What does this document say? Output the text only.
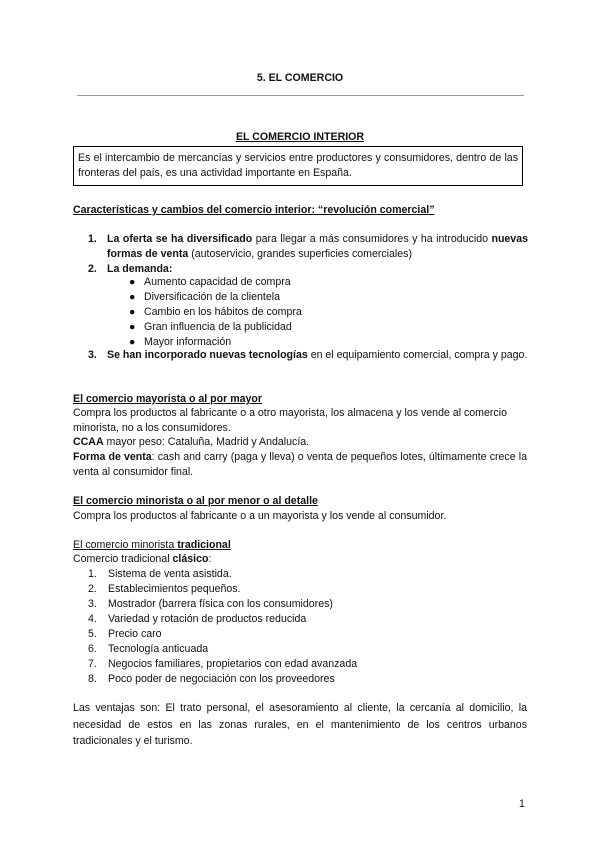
5. EL COMERCIO
EL COMERCIO INTERIOR
Es el intercambio de mercancías y servicios entre productores y consumidores, dentro de las fronteras del país, es una actividad importante en España.
Características y cambios del comercio interior: “revolución comercial”
1. La oferta se ha diversificado para llegar a más consumidores y ha introducido nuevas formas de venta (autoservicio, grandes superficies comerciales)
2. La demanda:
● Aumento capacidad de compra
● Diversificación de la clientela
● Cambio en los hábitos de compra
● Gran influencia de la publicidad
● Mayor información
3. Se han incorporado nuevas tecnologías en el equipamiento comercial, compra y pago.
El comercio mayorista o al por mayor
Compra los productos al fabricante o a otro mayorista, los almacena y los vende al comercio minorista, no a los consumidores.
CCAA mayor peso: Cataluña, Madrid y Andalucía.
Forma de venta: cash and carry (paga y lleva) o venta de pequeños lotes, últimamente crece la venta al consumidor final.
El comercio minorista o al por menor o al detalle
Compra los productos al fabricante o a un mayorista y los vende al consumidor.
El comercio minorista tradicional
Comercio tradicional clásico:
1. Sistema de venta asistida.
2. Establecimientos pequeños.
3. Mostrador (barrera física con los consumidores)
4. Variedad y rotación de productos reducida
5. Precio caro
6. Tecnología anticuada
7. Negocios familiares, propietarios con edad avanzada
8. Poco poder de negociación con los proveedores
Las ventajas son: El trato personal, el asesoramiento al cliente, la cercanía al domicilio, la necesidad de estos en las zonas rurales, en el mantenimiento de los centros urbanos tradicionales y el turismo.
1
